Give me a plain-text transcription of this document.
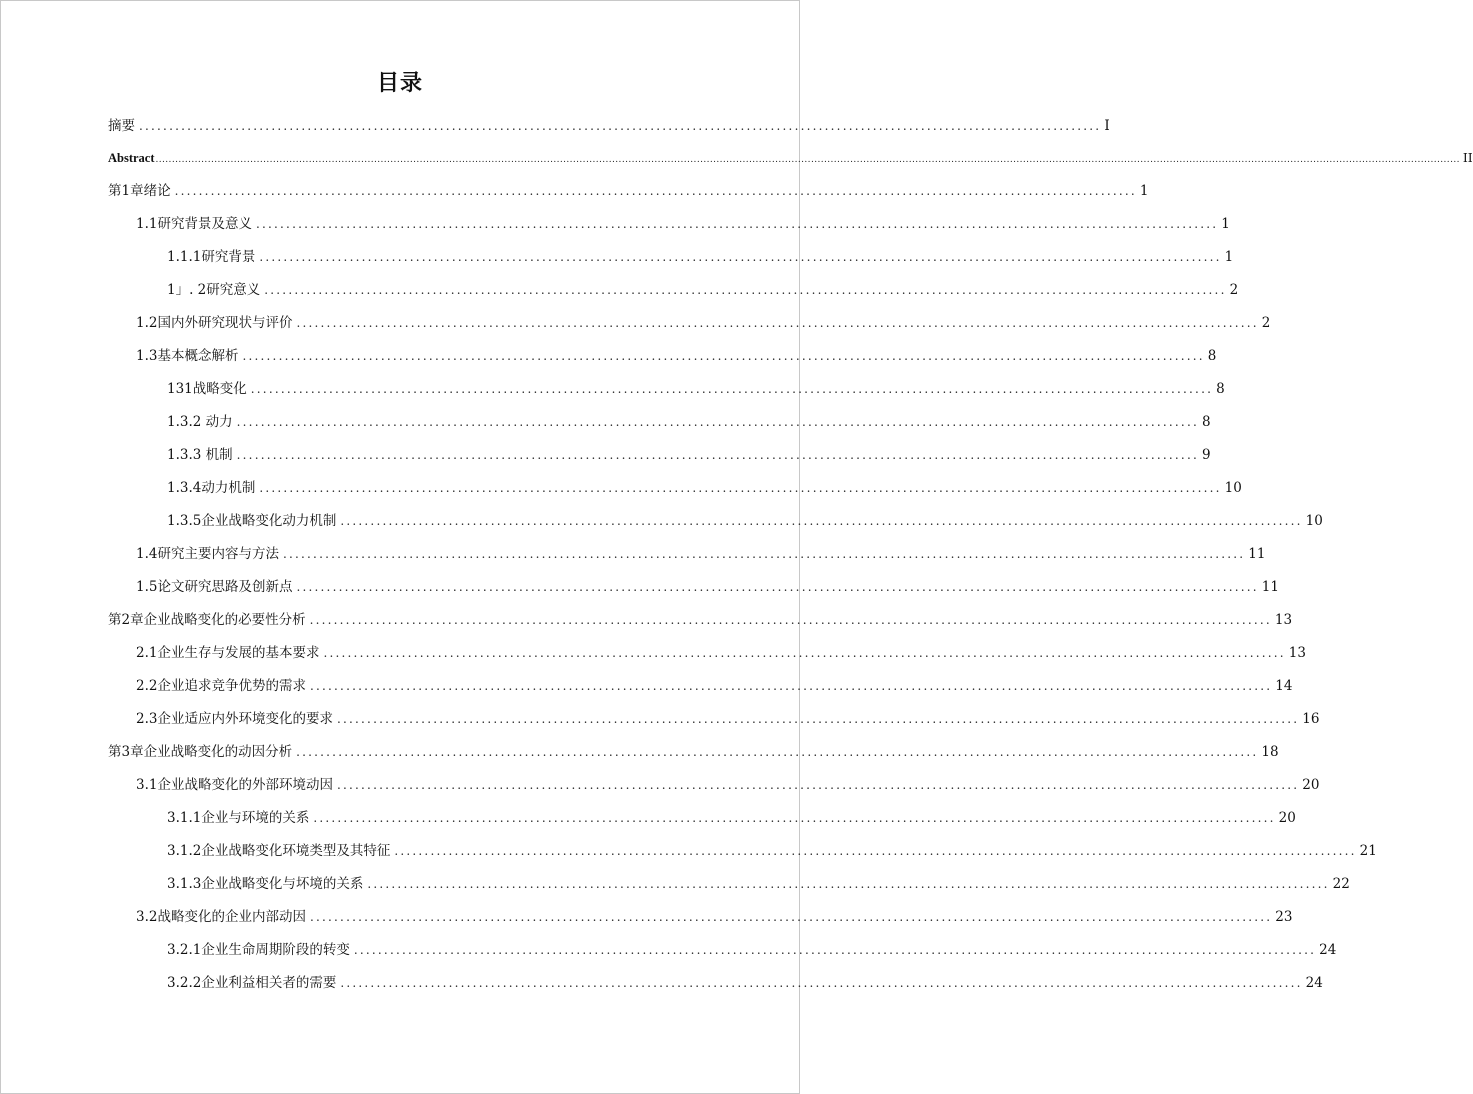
目录
摘要 ................................................................................................................................................................ I
Abstract ................................................................................................................................................................................................................................................................................................................................................................................................................ II
第1章绪论 ................................................................................................................................................................ 1
1.1研究背景及意义 ................................................................................................................................................................ 1
1.1.1研究背景 ................................................................................................................................................................ 1
1」. 2研究意义 ................................................................................................................................................................ 2
1.2国内外研究现状与评价 ................................................................................................................................................................ 2
1.3基本概念解析 ................................................................................................................................................................ 8
131战略变化 ................................................................................................................................................................ 8
1.3.2 动力 ................................................................................................................................................................ 8
1.3.3 机制 ................................................................................................................................................................ 9
1.3.4动力机制 ................................................................................................................................................................ 10
1.3.5企业战略变化动力机制 ................................................................................................................................................................ 10
1.4研究主要内容与方法 ................................................................................................................................................................ 11
1.5论文研究思路及创新点 ................................................................................................................................................................ 11
第2章企业战略变化的必要性分析 ................................................................................................................................................................ 13
2.1企业生存与发展的基本要求 ................................................................................................................................................................ 13
2.2企业追求竞争优势的需求 ................................................................................................................................................................ 14
2.3企业适应内外环境变化的要求 ................................................................................................................................................................ 16
第3章企业战略变化的动因分析 ................................................................................................................................................................ 18
3.1企业战略变化的外部环境动因 ................................................................................................................................................................ 20
3.1.1企业与环境的关系 ................................................................................................................................................................ 20
3.1.2企业战略变化环境类型及其特征 ................................................................................................................................................................ 21
3.1.3企业战略变化与坏境的关系 ................................................................................................................................................................ 22
3.2战略变化的企业内部动因 ................................................................................................................................................................ 23
3.2.1企业生命周期阶段的转变 ................................................................................................................................................................ 24
3.2.2企业利益相关者的需要 ................................................................................................................................................................ 24
